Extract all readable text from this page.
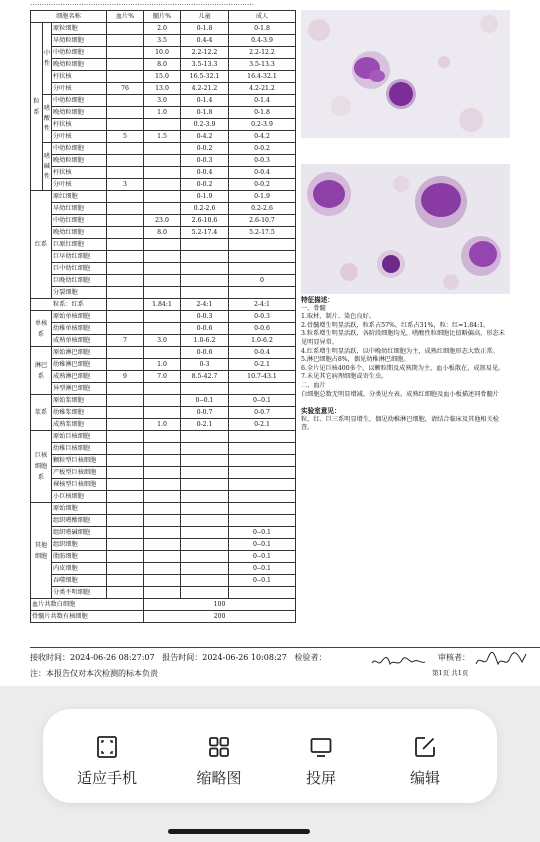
……………………………………………………………………………………
细胞名称			血片%	髓片%	儿童	成人
粒系	中性	原粒细胞		2.0	0-1.8	0-1.8
		早幼粒细胞		3.5	0.4-4	0.4-3.9
		中幼粒细胞		10.0	2.2-12.2	2.2-12.2
		晚幼粒细胞		8.0	3.5-13.3	3.5-13.3
		杆状核		15.0	16.5-32.1	16.4-32.1
		分叶核	76	13.0	4.2-21.2	4.2-21.2
	嗜酸性	中幼粒细胞		3.0	0-1.4	0-1.4
		晚幼粒细胞		1.0	0-1.8	0-1.8
		杆状核			0.2-3.9	0.2-3.9
		分叶核	5	1.5	0-4.2	0-4.2
	嗜碱性	中幼粒细胞			0-0.2	0-0.2
		晚幼粒细胞			0-0.3	0-0.3
		杆状核			0-0.4	0-0.4
		分叶核	3		0-0.2	0-0.2
红系		原红细胞			0-1.9	0-1.9
		早幼红细胞			0.2-2.6	0.2-2.6
		中幼红细胞		23.0	2.6-10.6	2.6-10.7
		晚幼红细胞		8.0	5.2-17.4	5.2-17.5
		巨原红细胞				
		巨早幼红细胞				
		巨中幼红细胞				
		巨晚幼红细胞				0
		分裂细胞				
粒系：红系				1.84:1	2-4:1	2-4:1
单核系		原始单核细胞			0-0.3	0-0.3
		幼稚单核细胞			0-0.6	0-0.6
		成熟单核细胞	7	3.0	1.0-6.2	1.0-6.2
淋巴系		原始淋巴细胞			0-0.6	0-0.4
		幼稚淋巴细胞		1.0	0-3	0-2.1
		成熟淋巴细胞	9	7.0	8.5-42.7	10.7-43.1
		异型淋巴细胞				
浆系		原始浆细胞			0--0.1	0--0.1
		幼稚浆细胞			0-0.7	0-0.7
		成熟浆细胞		1.0	0-2.1	0-2.1
巨核细胞系		原始巨核细胞				
		幼稚巨核细胞				
		颗粒型巨核细胞				
		产板型巨核细胞				
		裸核型巨核细胞				
		小巨核细胞				
其他细胞		原始细胞				
		组织嗜酸细胞				
		组织嗜碱细胞				0--0.1
		组织细胞				0--0.1
		脂肪细胞				0--0.1
		内皮细胞				0--0.1
		吞噬细胞				0--0.1
		分类不明细胞				
血片共数白细胞				100		
骨髓片共数有核细胞				200		

特征描述：

一、骨髓

1.取材、制片、染色良好。

2.骨髓增生明显活跃，粒系占57%，红系占31%，粒：红=1.84:1。

3.粒系增生明显活跃，各阶段细胞均见，嗜酸性粒细胞比值略偏高，形态未见明显异常。

4.红系增生明显活跃，以中晚幼红细胞为主，成熟红细胞形态大致正常。

5.淋巴细胞占8%，偶见幼稚淋巴细胞。

6.全片见巨核400多个，以颗粒期及成熟期为主，血小板散在，成簇易见。

7.未见其它病理细胞或寄生虫。

二、血片

白细胞总数无明显增减，分类见左表。成熟红细胞及血小板描述同骨髓片

实验室意见：

粒、红、巨三系明显增生，偶见幼稚淋巴细胞，请结合临床及其他相关检查。

接收时间：2024-06-26 08:27:07 报告时间：2024-06-26 10:08:27 检验者：
注：本报告仅对本次检测的标本负责
审核者：
第1页 共1页
适应手机	缩略图	投屏	编辑
